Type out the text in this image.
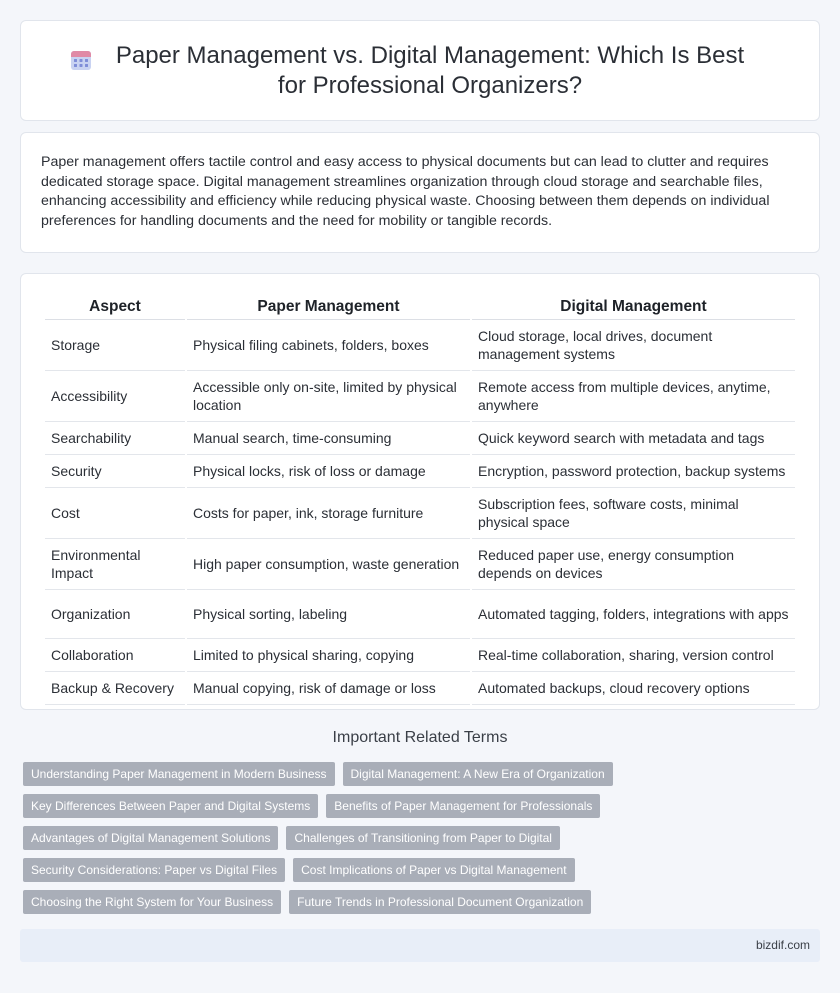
Paper Management vs. Digital Management: Which Is Best for Professional Organizers?

Paper management offers tactile control and easy access to physical documents but can lead to clutter and requires dedicated storage space. Digital management streamlines organization through cloud storage and searchable files, enhancing accessibility and efficiency while reducing physical waste. Choosing between them depends on individual preferences for handling documents and the need for mobility or tangible records.

Aspect	Paper Management	Digital Management
Storage	Physical filing cabinets, folders, boxes	Cloud storage, local drives, document management systems
Accessibility	Accessible only on-site, limited by physical location	Remote access from multiple devices, anytime, anywhere
Searchability	Manual search, time-consuming	Quick keyword search with metadata and tags
Security	Physical locks, risk of loss or damage	Encryption, password protection, backup systems
Cost	Costs for paper, ink, storage furniture	Subscription fees, software costs, minimal physical space
Environmental Impact	High paper consumption, waste generation	Reduced paper use, energy consumption depends on devices
Organization	Physical sorting, labeling	Automated tagging, folders, integrations with apps
Collaboration	Limited to physical sharing, copying	Real-time collaboration, sharing, version control
Backup & Recovery	Manual copying, risk of damage or loss	Automated backups, cloud recovery options
Important Related Terms
Understanding Paper Management in Modern Business	Digital Management: A New Era of Organization
Key Differences Between Paper and Digital Systems	Benefits of Paper Management for Professionals
Advantages of Digital Management Solutions	Challenges of Transitioning from Paper to Digital
Security Considerations: Paper vs Digital Files	Cost Implications of Paper vs Digital Management
Choosing the Right System for Your Business	Future Trends in Professional Document Organization
bizdif.com
